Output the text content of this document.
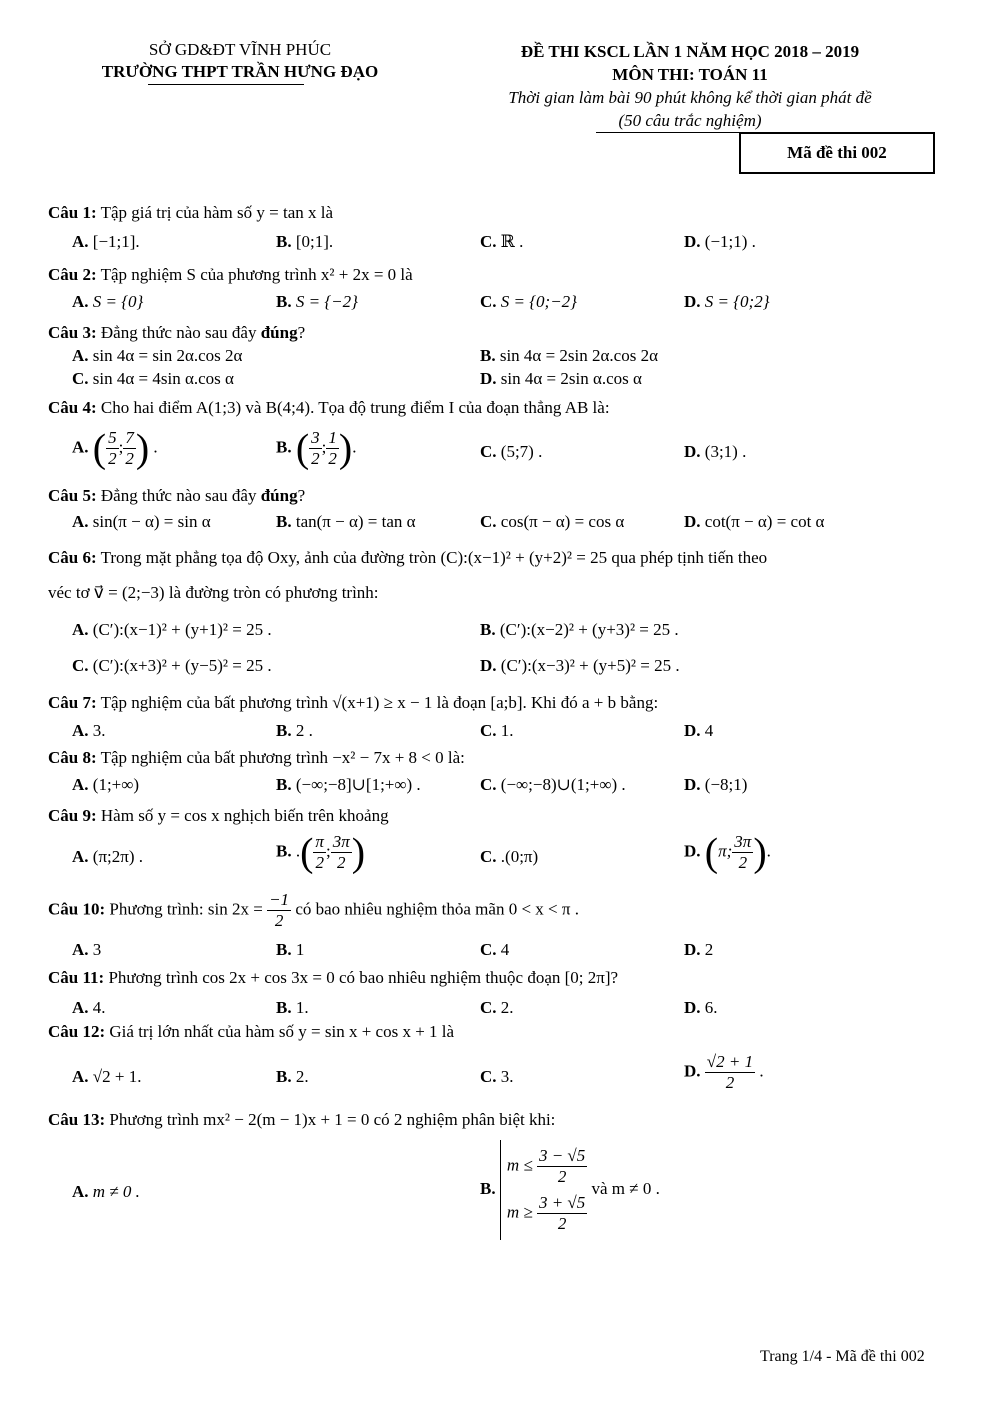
SỞ GD&ĐT VĨNH PHÚC
TRƯỜNG THPT TRẦN HƯNG ĐẠO
ĐỀ THI KSCL LẦN 1 NĂM HỌC 2018 – 2019
MÔN THI: TOÁN 11
Thời gian làm bài 90 phút không kể thời gian phát đề
(50 câu trắc nghiệm)
Mã đề thi 002
Câu 1: Tập giá trị của hàm số y = tan x là
A. [−1;1].	B. [0;1].	C. ℝ .	D. (−1;1) .
Câu 2: Tập nghiệm S của phương trình x² + 2x = 0 là
A. S = {0}	B. S = {−2}	C. S = {0;−2}	D. S = {0;2}
Câu 3: Đẳng thức nào sau đây đúng?
A. sin 4α = sin 2α.cos 2α	B. sin 4α = 2sin 2α.cos 2α
C. sin 4α = 4sin α.cos α	D. sin 4α = 2sin α.cos α
Câu 4: Cho hai điểm A(1;3) và B(4;4). Tọa độ trung điểm I của đoạn thẳng AB là:
A. ( $\frac{5}{2}$ ; $\frac{7}{2}$ ) .	B. ( $\frac{3}{2}$ ; $\frac{1}{2}$ ).	C. (5;7) .	D. (3;1) .
Câu 5: Đẳng thức nào sau đây đúng?
A. sin(π − α) = sin α	B. tan(π − α) = tan α	C. cos(π − α) = cos α	D. cot(π − α) = cot α
Câu 6: Trong mặt phẳng tọa độ Oxy, ảnh của đường tròn (C):(x−1)² + (y+2)² = 25 qua phép tịnh tiến theo
véc tơ v⃗ = (2;−3) là đường tròn có phương trình:
A. (C′):(x−1)² + (y+1)² = 25 .	B. (C′):(x−2)² + (y+3)² = 25 .
C. (C′):(x+3)² + (y−5)² = 25 .	D. (C′):(x−3)² + (y+5)² = 25 .
Câu 7: Tập nghiệm của bất phương trình √(x+1) ≥ x − 1 là đoạn [a;b]. Khi đó a + b bằng:
A. 3.	B. 2 .	C. 1.	D. 4
Câu 8: Tập nghiệm của bất phương trình −x² − 7x + 8 < 0 là:
A. (1;+∞)	B. (−∞;−8]∪[1;+∞) .	C. (−∞;−8)∪(1;+∞) .	D. (−8;1)
Câu 9: Hàm số y = cos x nghịch biến trên khoảng
A. (π;2π) .	B. .( $\frac{\pi}{2}$ ; $\frac{3\pi}{2}$ )	C. .(0;π)	D. (π; $\frac{3\pi}{2}$ ).
Câu 10: Phương trình: $\sin 2x = \frac{-1}{2}$ có bao nhiêu nghiệm thỏa mãn 0 < x < π .
A. 3	B. 1	C. 4	D. 2
Câu 11: Phương trình cos 2x + cos 3x = 0 có bao nhiêu nghiệm thuộc đoạn [0; 2π]?
A. 4.	B. 1.	C. 2.	D. 6.
Câu 12: Giá trị lớn nhất của hàm số y = sin x + cos x + 1 là
A. √2 + 1.	B. 2.	C. 3.	D. $\frac{√2 + 1}{2}$ .
Câu 13: Phương trình mx² − 2(m − 1)x + 1 = 0 có 2 nghiệm phân biệt khi:
A. m ≠ 0 .	B.
$m \le \frac{3 - √5}{2}$
$m \ge \frac{3 + √5}{2}$
và m ≠ 0 .
Trang 1/4 - Mã đề thi 002
